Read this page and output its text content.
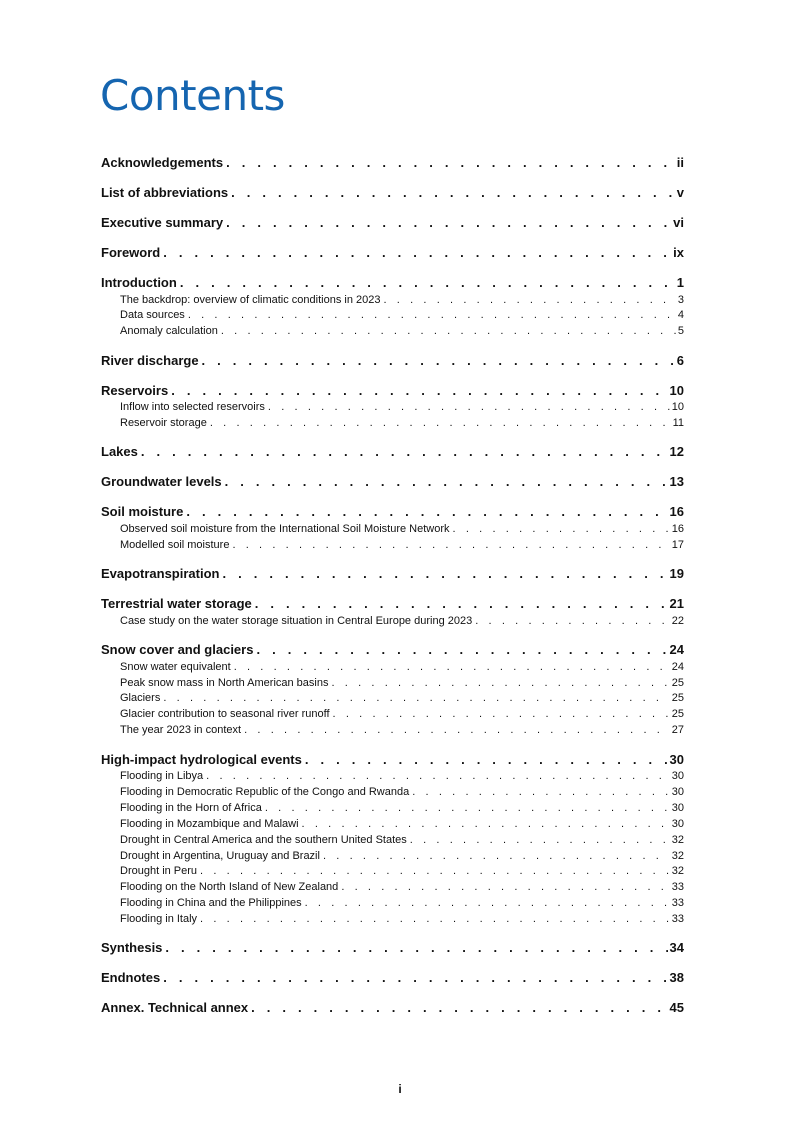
Contents
Acknowledgements . . .	ii
List of abbreviations . . .	v
Executive summary . . .	vi
Foreword . . .	ix
Introduction . . .	1
The backdrop: overview of climatic conditions in 2023 . . .	3
Data sources . . .	4
Anomaly calculation . . .	5
River discharge . . .	6
Reservoirs . . .	10
Inflow into selected reservoirs . . .	10
Reservoir storage . . .	11
Lakes . . .	12
Groundwater levels . . .	13
Soil moisture . . .	16
Observed soil moisture from the International Soil Moisture Network . . .	16
Modelled soil moisture . . .	17
Evapotranspiration . . .	19
Terrestrial water storage . . .	21
Case study on the water storage situation in Central Europe during 2023 . . .	22
Snow cover and glaciers . . .	24
Snow water equivalent . . .	24
Peak snow mass in North American basins . . .	25
Glaciers . . .	25
Glacier contribution to seasonal river runoff . . .	25
The year 2023 in context . . .	27
High-impact hydrological events . . .	30
Flooding in Libya . . .	30
Flooding in Democratic Republic of the Congo and Rwanda . . .	30
Flooding in the Horn of Africa . . .	30
Flooding in Mozambique and Malawi . . .	30
Drought in Central America and the southern United States . . .	32
Drought in Argentina, Uruguay and Brazil . . .	32
Drought in Peru . . .	32
Flooding on the North Island of New Zealand . . .	33
Flooding in China and the Philippines . . .	33
Flooding in Italy . . .	33
Synthesis . . .	34
Endnotes . . .	38
Annex. Technical annex . . .	45
i
